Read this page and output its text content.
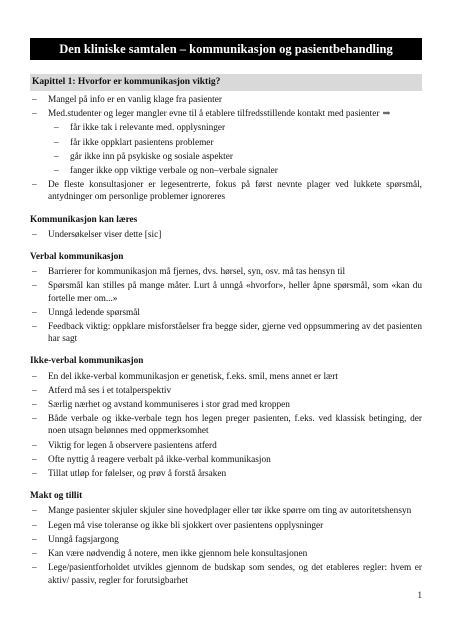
Den kliniske samtalen – kommunikasjon og pasientbehandling
Kapittel 1: Hvorfor er kommunikasjon viktig?
– Mangel på info er en vanlig klage fra pasienter
– Med.studenter og leger mangler evne til å etablere tilfredsstillende kontakt med pasienter ⇒
– får ikke tak i relevante med. opplysninger
– får ikke oppklart pasientens problemer
– går ikke inn på psykiske og sosiale aspekter
– fanger ikke opp viktige verbale og non–verbale signaler
– De fleste konsultasjoner er legesentrerte, fokus på først nevnte plager ved lukkete spørsmål, antydninger om personlige problemer ignoreres
Kommunikasjon kan læres
– Undersøkelser viser dette [sic]
Verbal kommunikasjon
– Barrierer for kommunikasjon må fjernes, dvs. hørsel, syn, osv. må tas hensyn til
– Spørsmål kan stilles på mange måter. Lurt å unngå «hvorfor», heller åpne spørsmål, som «kan du fortelle mer om...»
– Unngå ledende spørsmål
– Feedback viktig: oppklare misforståelser fra begge sider, gjerne ved oppsummering av det pasienten har sagt
Ikke-verbal kommunikasjon
– En del ikke-verbal kommunikasjon er genetisk, f.eks. smil, mens annet er lært
– Atferd må ses i et totalperspektiv
– Særlig nærhet og avstand kommuniseres i stor grad med kroppen
– Både verbale og ikke-verbale tegn hos legen preger pasienten, f.eks. ved klassisk betinging, der noen utsagn belønnes med oppmerksomhet
– Viktig for legen å observere pasientens atferd
– Ofte nyttig å reagere verbalt på ikke-verbal kommunikasjon
– Tillat utløp for følelser, og prøv å forstå årsaken
Makt og tillit
– Mange pasienter skjuler skjuler sine hovedplager eller tør ikke spørre om ting av autoritetshensyn
– Legen må vise toleranse og ikke bli sjokkert over pasientens opplysninger
– Unngå fagsjargong
– Kan være nødvendig å notere, men ikke gjennom hele konsultasjonen
– Lege/pasientforholdet utvikles gjennom de budskap som sendes, og det etableres regler: hvem er aktiv/ passiv, regler for forutsigbarhet
1
